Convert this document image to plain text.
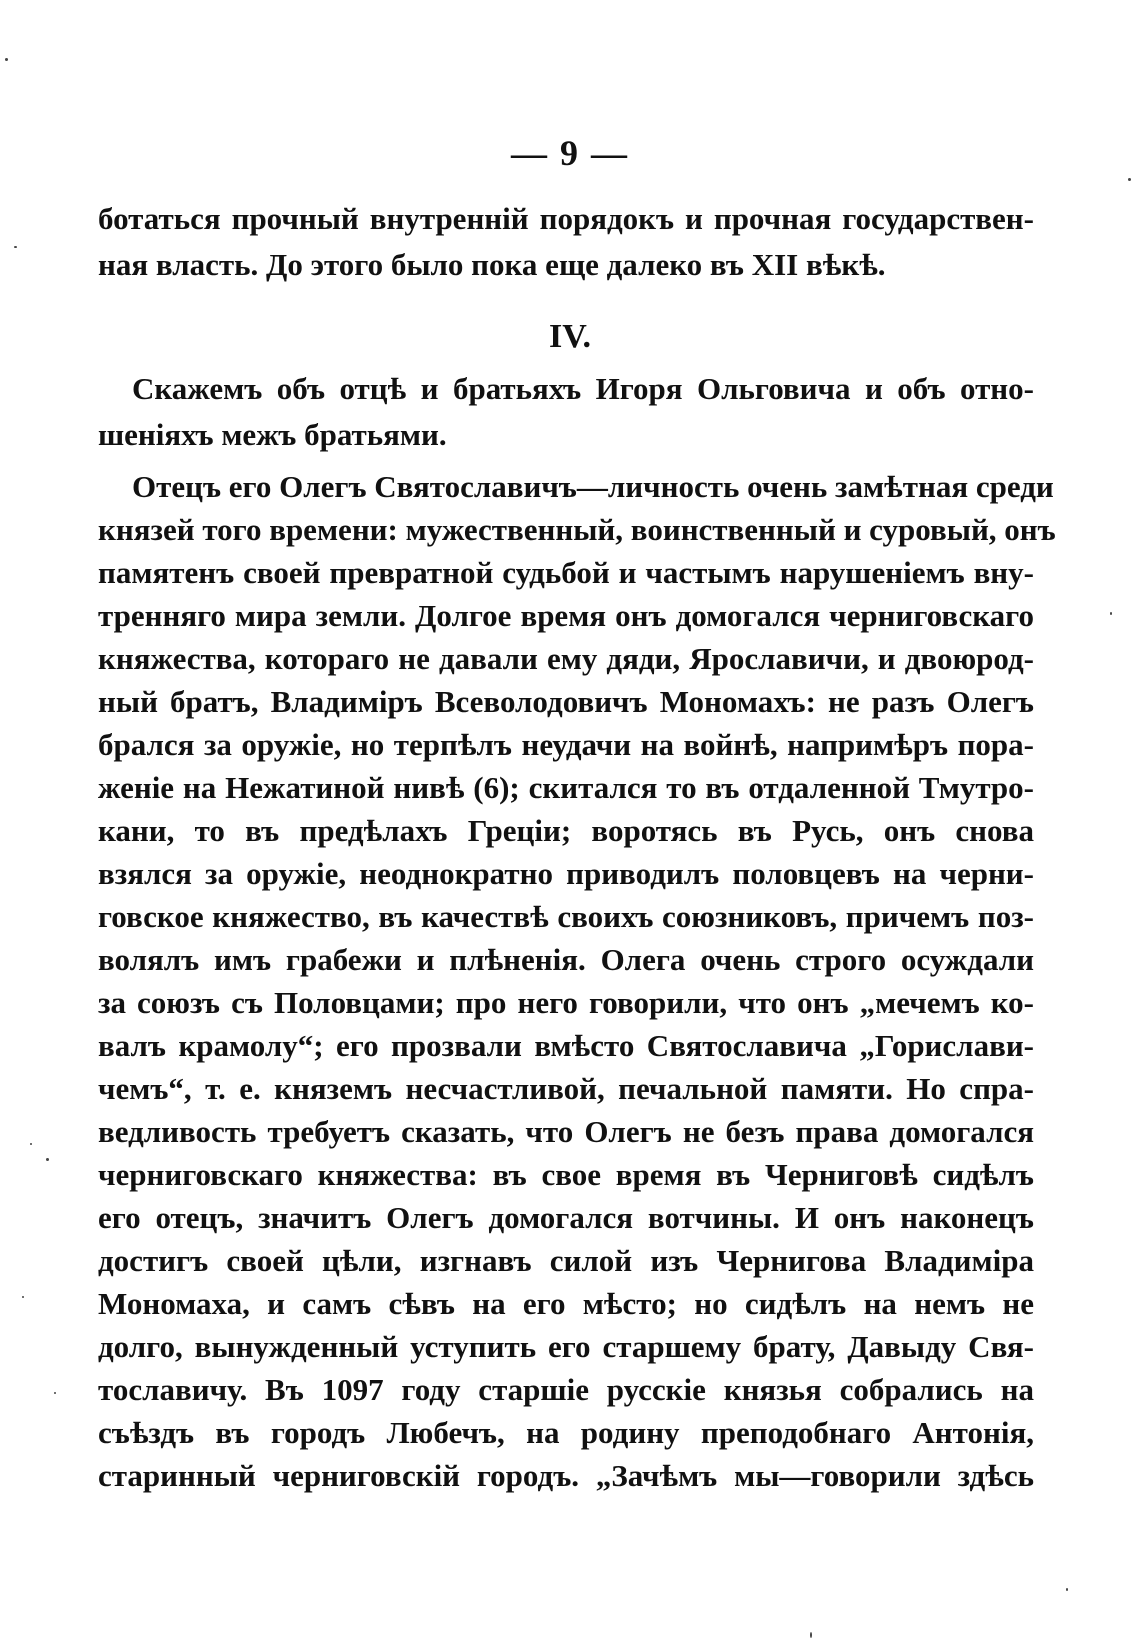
— 9 —
ботаться прочный внутренній порядокъ и прочная государствен-
ная власть. До этого было пока еще далеко въ XII вѣкѣ.
IV.
Скажемъ объ отцѣ и братьяхъ Игоря Ольговича и объ отно-
шеніяхъ межъ братьями.
Отецъ его Олегъ Святославичъ—личность очень замѣтная среди
князей того времени: мужественный, воинственный и суровый, онъ
памятенъ своей превратной судьбой и частымъ нарушеніемъ вну-
тренняго мира земли. Долгое время онъ домогался черниговскаго
княжества, котораго не давали ему дяди, Ярославичи, и двоюрод-
ный братъ, Владиміръ Всеволодовичъ Мономахъ: не разъ Олегъ
брался за оружіе, но терпѣлъ неудачи на войнѣ, напримѣръ пора-
женіе на Нежатиной нивѣ (6); скитался то въ отдаленной Тмутро-
кани, то въ предѣлахъ Греціи; воротясь въ Русь, онъ снова
взялся за оружіе, неоднократно приводилъ половцевъ на черни-
говское княжество, въ качествѣ своихъ союзниковъ, причемъ поз-
волялъ имъ грабежи и плѣненія. Олега очень строго осуждали
за союзъ съ Половцами; про него говорили, что онъ „мечемъ ко-
валъ крамолу“; его прозвали вмѣсто Святославича „Горислави-
чемъ“, т. е. княземъ несчастливой, печальной памяти. Но спра-
ведливость требуетъ сказать, что Олегъ не безъ права домогался
черниговскаго княжества: въ свое время въ Черниговѣ сидѣлъ
его отецъ, значитъ Олегъ домогался вотчины. И онъ наконецъ
достигъ своей цѣли, изгнавъ силой изъ Чернигова Владиміра
Мономаха, и самъ сѣвъ на его мѣсто; но сидѣлъ на немъ не
долго, вынужденный уступить его старшему брату, Давыду Свя-
тославичу. Въ 1097 году старшіе русскіе князья собрались на
съѣздъ въ городъ Любечъ, на родину преподобнаго Антонія,
старинный черниговскій городъ. „Зачѣмъ мы—говорили здѣсь
